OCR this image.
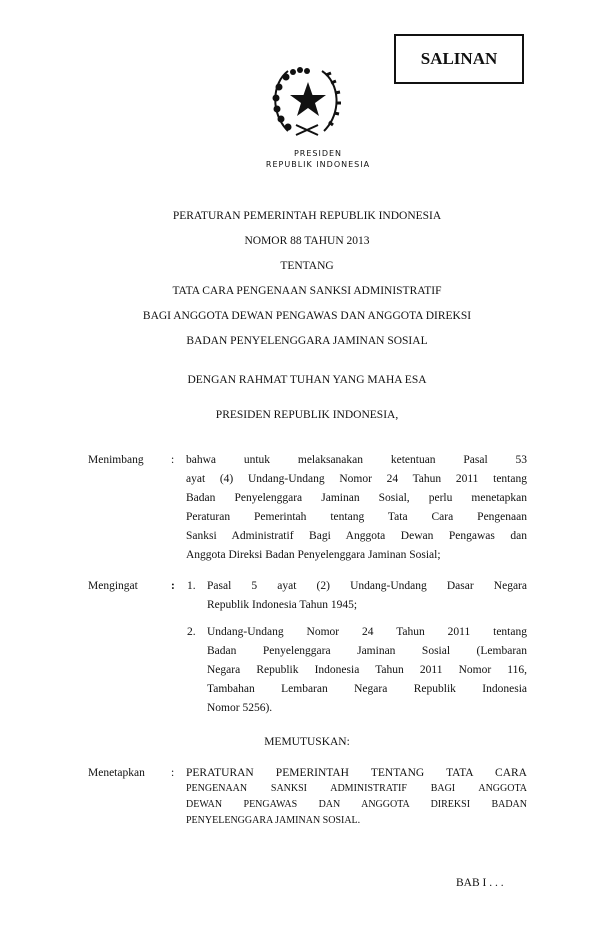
SALINAN
PRESIDEN
REPUBLIK INDONESIA
PERATURAN PEMERINTAH REPUBLIK INDONESIA
NOMOR 88 TAHUN 2013
TENTANG
TATA CARA PENGENAAN SANKSI ADMINISTRATIF
BAGI ANGGOTA DEWAN PENGAWAS DAN ANGGOTA DIREKSI
BADAN PENYELENGGARA JAMINAN SOSIAL
DENGAN RAHMAT TUHAN YANG MAHA ESA
PRESIDEN REPUBLIK INDONESIA,
Menimbang : bahwa untuk melaksanakan ketentuan Pasal 53
ayat (4) Undang-Undang Nomor 24 Tahun 2011 tentang
Badan Penyelenggara Jaminan Sosial, perlu menetapkan
Peraturan Pemerintah tentang Tata Cara Pengenaan
Sanksi Administratif Bagi Anggota Dewan Pengawas dan
Anggota Direksi Badan Penyelenggara Jaminan Sosial;
Mengingat	: 1. Pasal 5 ayat (2) Undang-Undang Dasar Negara
Republik Indonesia Tahun 1945;
2. Undang-Undang Nomor 24 Tahun 2011 tentang
Badan Penyelenggara Jaminan Sosial (Lembaran
Negara Republik Indonesia Tahun 2011 Nomor 116,
Tambahan Lembaran Negara Republik Indonesia
Nomor 5256).
MEMUTUSKAN:
Menetapkan : PERATURAN PEMERINTAH TENTANG TATA CARA
PENGENAAN SANKSI ADMINISTRATIF BAGI ANGGOTA
DEWAN PENGAWAS DAN ANGGOTA DIREKSI BADAN
PENYELENGGARA JAMINAN SOSIAL.
BAB I . . .
